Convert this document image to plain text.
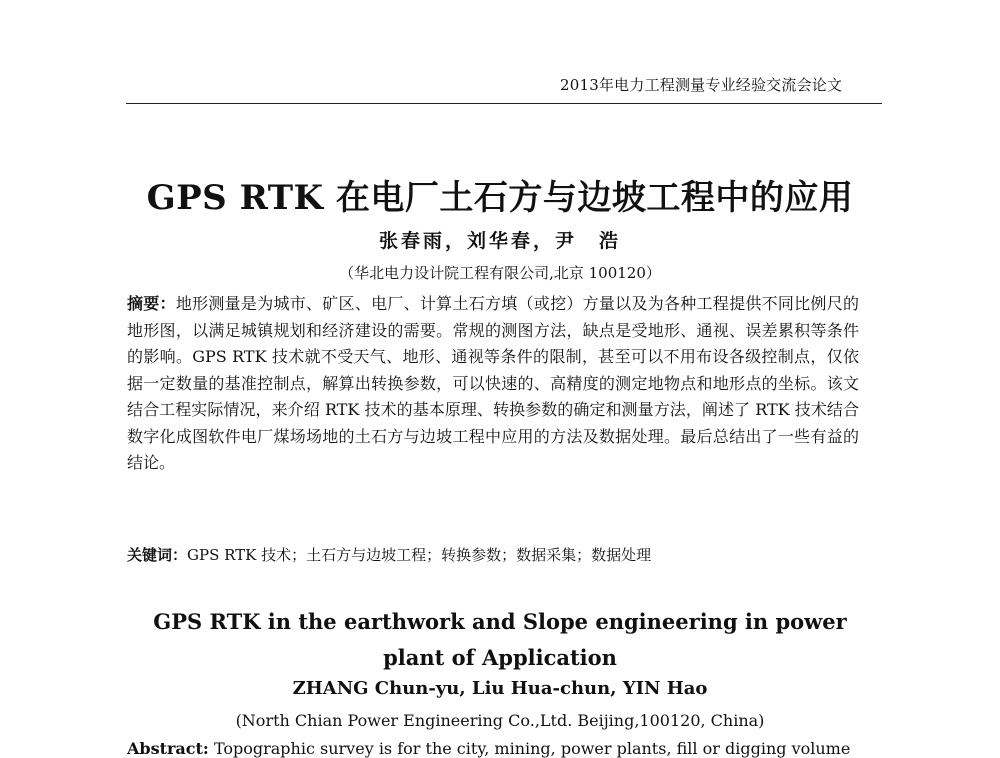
2013年电力工程测量专业经验交流会论文
GPS RTK 在电厂土石方与边坡工程中的应用
张春雨，刘华春，尹　浩
（华北电力设计院工程有限公司,北京 100120）

摘要：地形测量是为城市、矿区、电厂、计算土石方填（或挖）方量以及为各种工程提供不同比例尺的地形图，以满足城镇规划和经济建设的需要。常规的测图方法，缺点是受地形、通视、误差累积等条件的影响。GPS RTK 技术就不受天气、地形、通视等条件的限制，甚至可以不用布设各级控制点，仅依据一定数量的基准控制点，解算出转换参数，可以快速的、高精度的测定地物点和地形点的坐标。该文结合工程实际情况，来介绍 RTK 技术的基本原理、转换参数的确定和测量方法，阐述了 RTK 技术结合数字化成图软件电厂煤场场地的土石方与边坡工程中应用的方法及数据处理。最后总结出了一些有益的结论。

关键词：GPS RTK 技术；土石方与边坡工程；转换参数；数据采集；数据处理

GPS RTK in the earthwork and Slope engineering in power
plant of Application

ZHANG Chun-yu, Liu Hua-chun, YIN Hao
(North Chian Power Engineering Co.,Ltd. Beijing,100120, China)

Abstract: Topographic survey is for the city, mining, power plants, fill or digging volume
